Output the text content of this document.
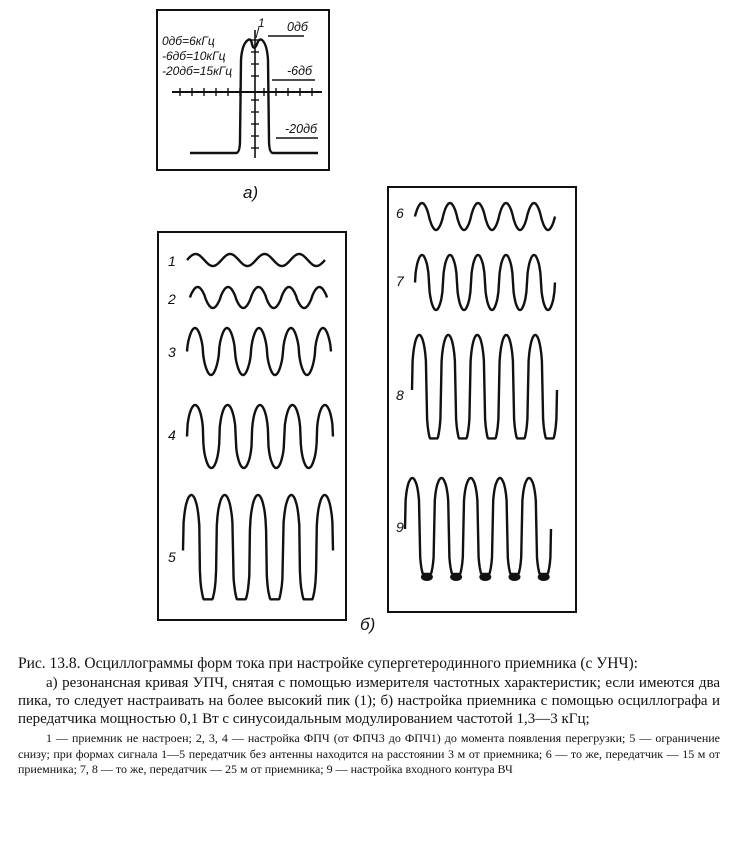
1 0дб
-6дб
-20дб
0дб=6кГц
-6дб=10кГц
-20дб=15кГц
а)
1
2
3
4
5
6
7
8
9
б)
Рис. 13.8. Осциллограммы форм тока при настройке супергетеродинного приемника (с УНЧ):
а) резонансная кривая УПЧ, снятая с помощью измерителя частотных характеристик; если имеются два пика, то следует настраивать на более высокий пик (1); б) настройка приемника с помощью осциллографа и передатчика мощностью 0,1 Вт с синусоидальным модулированием частотой 1,3—3 кГц;
1 — приемник не настроен; 2, 3, 4 — настройка ФПЧ (от ФПЧ3 до ФПЧ1) до момента появления перегрузки; 5 — ограничение снизу; при формах сигнала 1—5 передатчик без антенны находится на расстоянии 3 м от приемника; 6 — то же, передатчик — 15 м от приемника; 7, 8 — то же, передатчик — 25 м от приемника; 9 — настройка входного контура ВЧ
